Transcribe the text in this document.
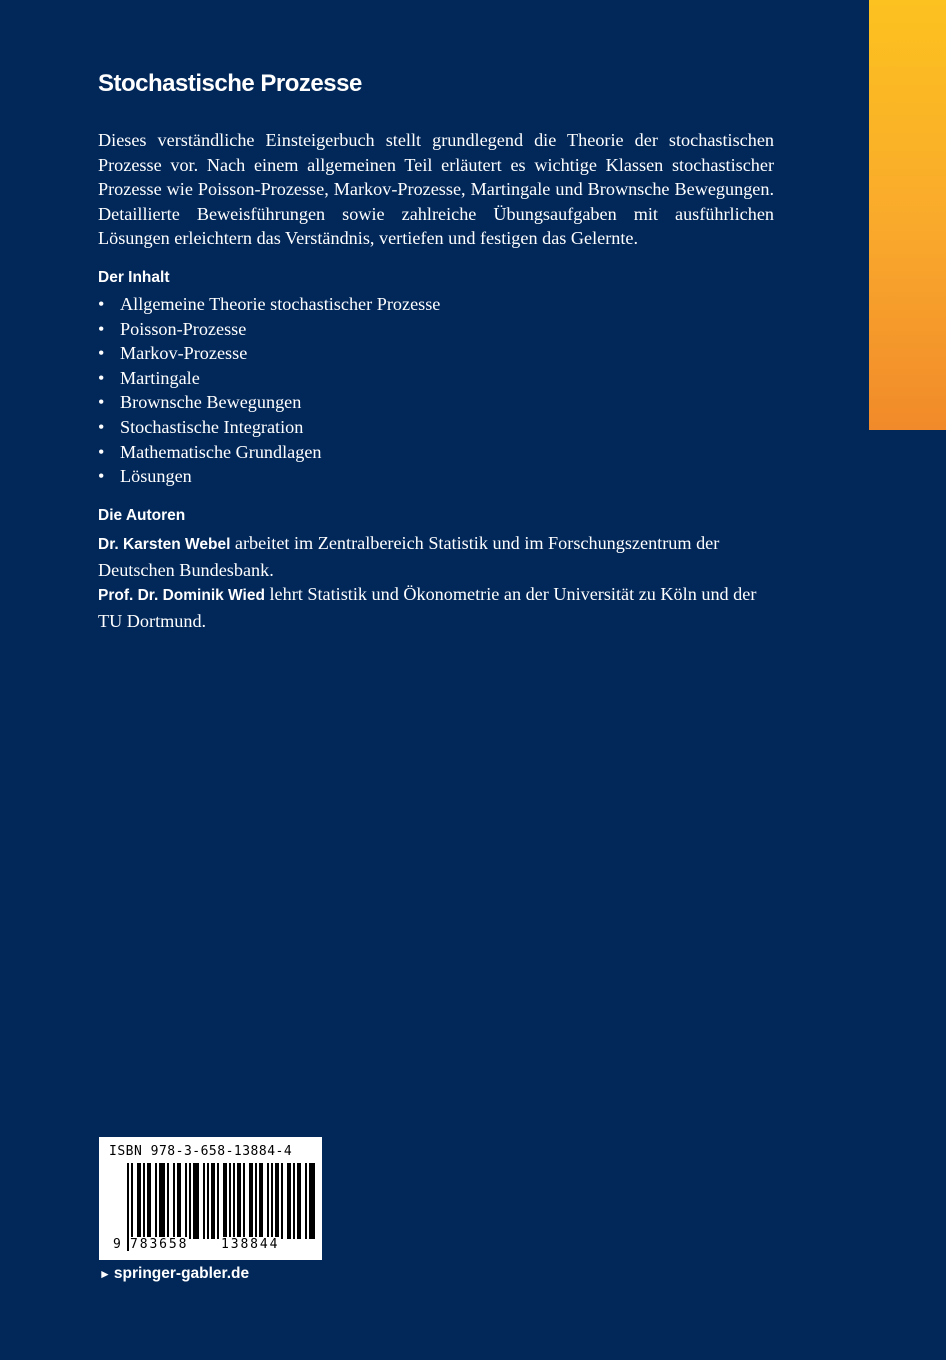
Stochastische Prozesse

Dieses verständliche Einsteigerbuch stellt grundlegend die Theorie der stochastischen Prozesse vor. Nach einem allgemeinen Teil erläutert es wichtige Klassen stochastischer Prozesse wie Poisson-Prozesse, Markov-Prozesse, Martingale und Brownsche Bewegungen. Detaillierte Beweisführungen sowie zahlreiche Übungsaufgaben mit ausführlichen Lösungen erleichtern das Verständnis, vertiefen und festigen das Gelernte.

Der Inhalt
• Allgemeine Theorie stochastischer Prozesse
• Poisson-Prozesse
• Markov-Prozesse
• Martingale
• Brownsche Bewegungen
• Stochastische Integration
• Mathematische Grundlagen
• Lösungen
Die Autoren
Dr. Karsten Webel arbeitet im Zentralbereich Statistik und im Forschungszentrum der Deutschen Bundesbank.
Prof. Dr. Dominik Wied lehrt Statistik und Ökonometrie an der Universität zu Köln und der TU Dortmund.
ISBN 978-3-658-13884-4
9 783658	138844
► springer-gabler.de
